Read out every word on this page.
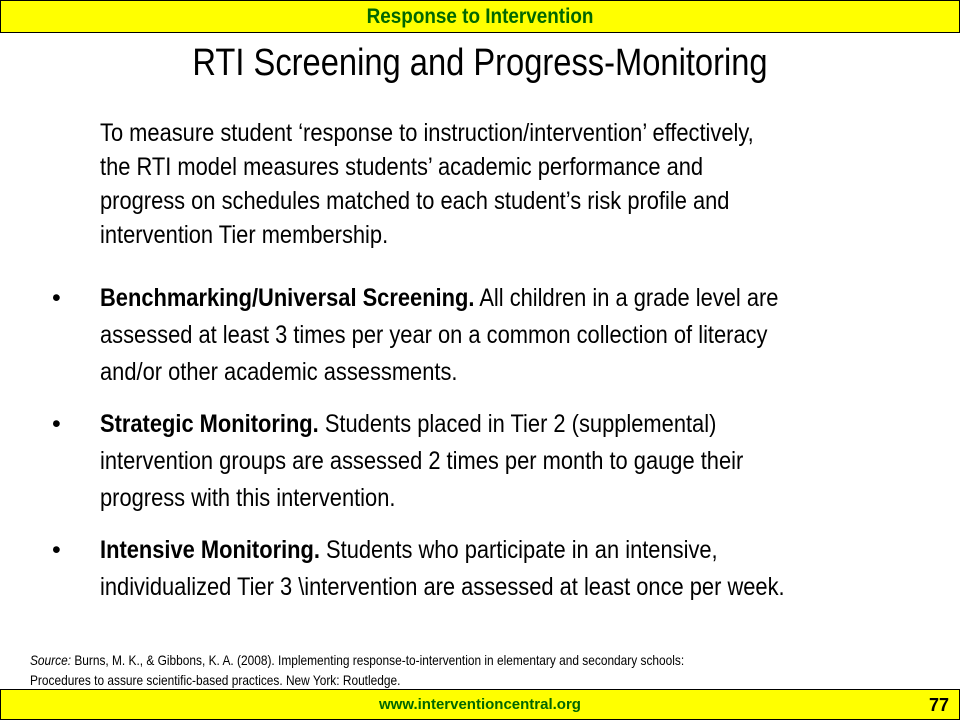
Response to Intervention
RTI Screening and Progress-Monitoring
To measure student ‘response to instruction/intervention’ effectively,
the RTI model measures students’ academic performance and
progress on schedules matched to each student’s risk profile and
intervention Tier membership.
•	Benchmarking/Universal Screening. All children in a grade level are
assessed at least 3 times per year on a common collection of literacy
and/or other academic assessments.
•	Strategic Monitoring. Students placed in Tier 2 (supplemental)
intervention groups are assessed 2 times per month to gauge their
progress with this intervention.
•	Intensive Monitoring. Students who participate in an intensive,
individualized Tier 3 \intervention are assessed at least once per week.
Source: Burns, M. K., & Gibbons, K. A. (2008). Implementing response-to-intervention in elementary and secondary schools:
Procedures to assure scientific-based practices. New York: Routledge.
www.interventioncentral.org	77
